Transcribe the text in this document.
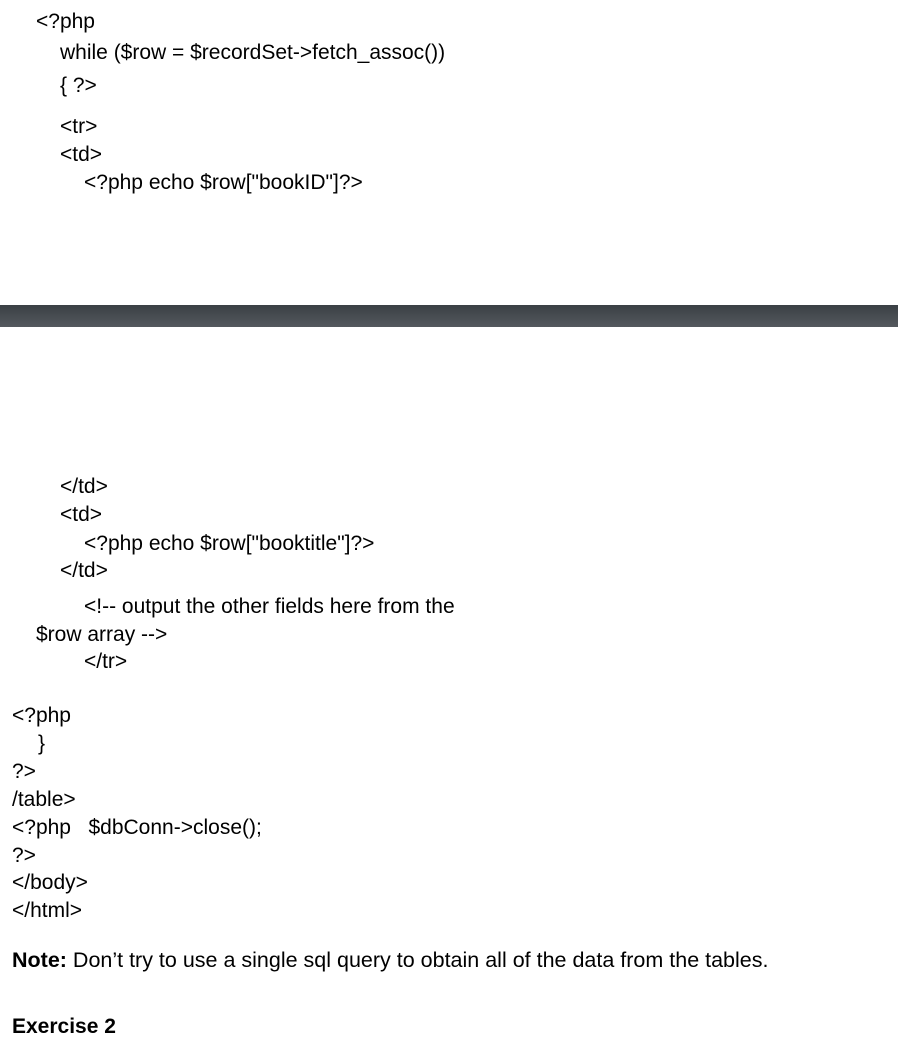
<?php

while ($row = $recordSet->fetch_assoc())

{ ?>

<tr>

<td>

<?php echo $row["bookID"]?>

</td>

<td>

<?php echo $row["booktitle"]?>

</td>

<!-- output the other fields here from the

$row array -->

</tr>

<?php

}

?>

/table>

<?php   $dbConn->close();

?>

</body>

</html>

Note: Don’t try to use a single sql query to obtain all of the data from the tables.

Exercise 2
